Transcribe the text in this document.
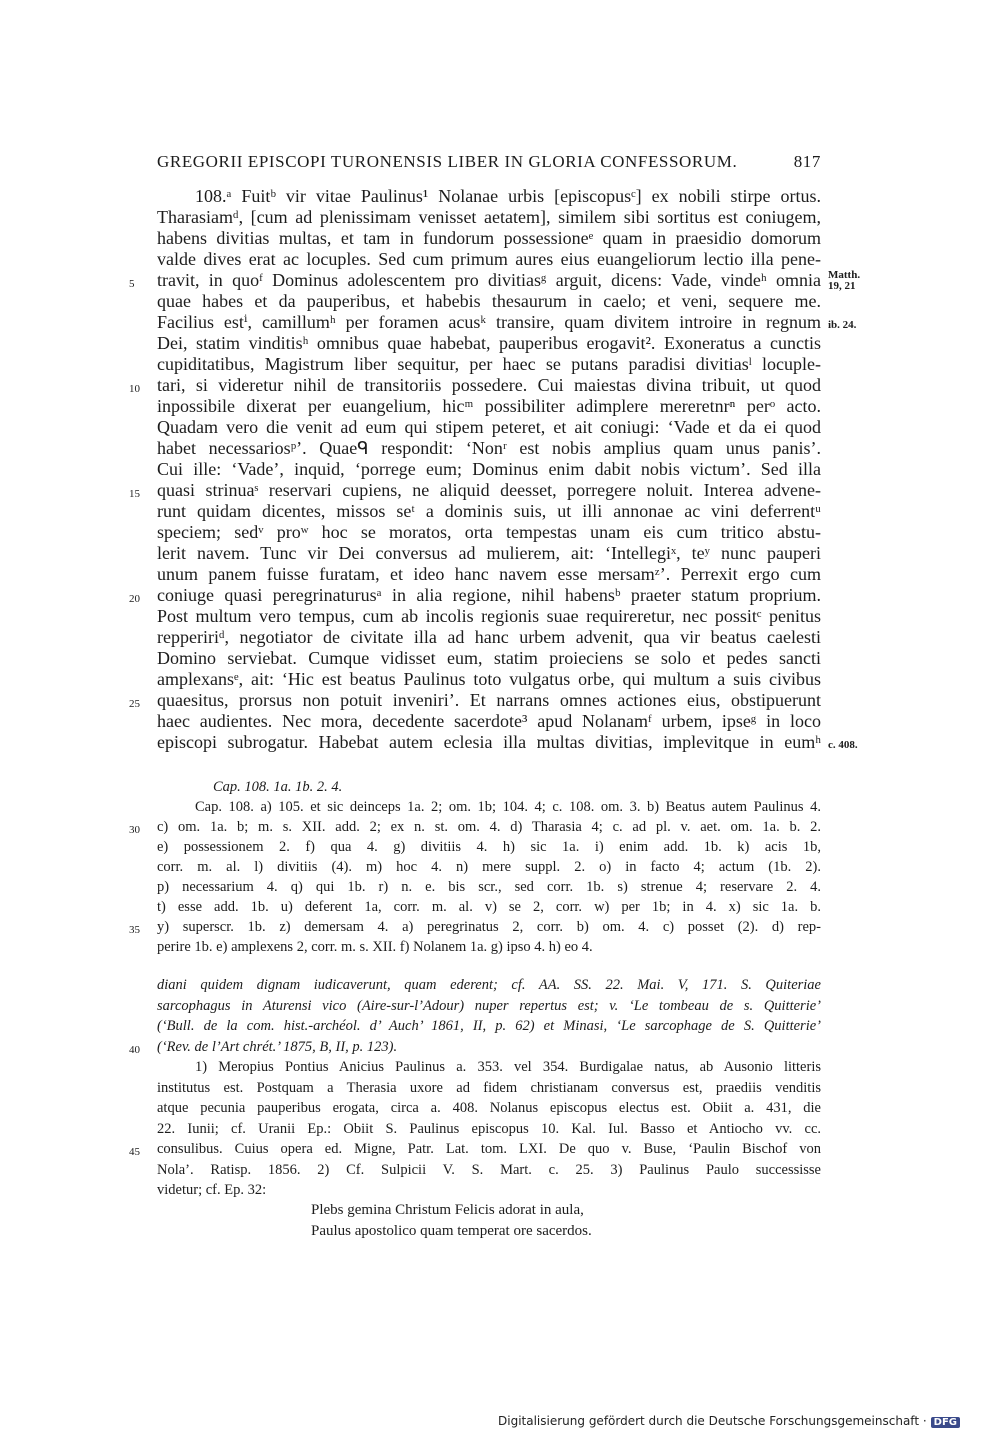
GREGORII EPISCOPI TURONENSIS LIBER IN GLORIA CONFESSORUM.	817
108.ᵃ Fuitᵇ vir vitae Paulinus¹ Nolanae urbis [episcopusᶜ] ex nobili stirpe ortus.
Tharasiamᵈ, [cum ad plenissimam venisset aetatem], similem sibi sortitus est coniugem,
habens divitias multas, et tam in fundorum possessioneᵉ quam in praesidio domorum
valde dives erat ac locuples. Sed cum primum aures eius euangeliorum lectio illa pene-
5	travit, in quoᶠ Dominus adolescentem pro divitiasᵍ arguit, dicens: Vade, vindeʰ omnia
quae habes et da pauperibus, et habebis thesaurum in caelo; et veni, sequere me.
Facilius estⁱ, camillumʰ per foramen acusᵏ transire, quam divitem introire in regnum
Dei, statim vinditisʰ omnibus quae habebat, pauperibus erogavit². Exoneratus a cunctis
cupiditatibus, Magistrum liber sequitur, per haec se putans paradisi divitiasˡ locuple-
10 tari, si videretur nihil de transitoriis possedere. Cui maiestas divina tribuit, ut quod
inpossibile dixerat per euangelium, hicᵐ possibiliter adimplere mereretnrⁿ perᵒ acto.
Quadam vero die venit ad eum qui stipem peteret, et ait coniugi: ‘Vade et da ei quod
habet necessariosᵖ’. Quaeᑫ respondit: ‘Nonʳ est nobis amplius quam unus panis’.
Cui ille: ‘Vade’, inquid, ‘porrege eum; Dominus enim dabit nobis victum’. Sed illa
15 quasi strinuaˢ reservari cupiens, ne aliquid deesset, porregere noluit. Interea advene-
runt quidam dicentes, missos seᵗ a dominis suis, ut illi annonae ac vini deferrentᵘ
speciem; sedᵛ proʷ hoc se moratos, orta tempestas unam eis cum tritico abstu-
lerit navem. Tunc vir Dei conversus ad mulierem, ait: ‘Intellegiˣ, teʸ nunc pauperi
unum panem fuisse furatam, et ideo hanc navem esse mersamᶻ’. Perrexit ergo cum
20 coniuge quasi peregrinaturusᵃ in alia regione, nihil habensᵇ praeter statum proprium.
Post multum vero tempus, cum ab incolis regionis suae requireretur, nec possitᶜ penitus
reppeririᵈ, negotiator de civitate illa ad hanc urbem advenit, qua vir beatus caelesti
Domino serviebat. Cumque vidisset eum, statim proieciens se solo et pedes sancti
amplexansᵉ, ait: ‘Hic est beatus Paulinus toto vulgatus orbe, qui multum a suis civibus
25 quaesitus, prorsus non potuit inveniri’. Et narrans omnes actiones eius, obstipuerunt
haec audientes. Nec mora, decedente sacerdote³ apud Nolanamᶠ urbem, ipseᵍ in loco
episcopi subrogatur. Habebat autem eclesia illa multas divitias, implevitque in eumʰ
Matth.
19, 21
ib. 24.
c. 408.
Cap. 108. 1a. 1b. 2. 4.
Cap. 108. a) 105. et sic deinceps 1a. 2; om. 1b; 104. 4; c. 108. om. 3. b) Beatus autem Paulinus 4.
30	c) om. 1a. b; m. s. XII. add. 2; ex n. st. om. 4. d) Tharasia 4; c. ad pl. v. aet. om. 1a. b. 2.
e) possessionem 2. f) qua 4. g) divitiis 4. h) sic 1a. i) enim add. 1b. k) acis 1b,
corr. m. al. l) divitiis (4). m) hoc 4. n) mere suppl. 2. o) in facto 4; actum (1b. 2).
p) necessarium 4. q) qui 1b. r) n. e. bis scr., sed corr. 1b. s) strenue 4; reservare 2. 4.
t) esse add. 1b. u) deferent 1a, corr. m. al. v) se 2, corr. w) per 1b; in 4. x) sic 1a. b.
35	y) superscr. 1b. z) demersam 4. a) peregrinatus 2, corr. b) om. 4. c) posset (2). d) rep-
perire 1b. e) amplexens 2, corr. m. s. XII. f) Nolanem 1a. g) ipso 4. h) eo 4.
diani quidem dignam iudicaverunt, quam ederent; cf. AA. SS. 22. Mai. V, 171. S. Quiteriae
sarcophagus in Aturensi vico (Aire-sur-l’Adour) nuper repertus est; v. ‘Le tombeau de s. Quitterie’
(‘Bull. de la com. hist.-archéol. d’ Auch’ 1861, II, p. 62) et Minasi, ‘Le sarcophage de S. Quitterie’
40	(‘Rev. de l’Art chrét.’ 1875, B, II, p. 123).
1) Meropius Pontius Anicius Paulinus a. 353. vel 354. Burdigalae natus, ab Ausonio litteris
institutus est. Postquam a Therasia uxore ad fidem christianam conversus est, praediis venditis
atque pecunia pauperibus erogata, circa a. 408. Nolanus episcopus electus est. Obiit a. 431, die
22. Iunii; cf. Uranii Ep.: Obiit S. Paulinus episcopus 10. Kal. Iul. Basso et Antiocho vv. cc.
45	consulibus. Cuius opera ed. Migne, Patr. Lat. tom. LXI. De quo v. Buse, ‘Paulin Bischof von
Nola’. Ratisp. 1856. 2) Cf. Sulpicii V. S. Mart. c. 25. 3) Paulinus Paulo successisse
videtur; cf. Ep. 32:
Plebs gemina Christum Felicis adorat in aula,
Paulus apostolico quam temperat ore sacerdos.
Digitalisierung gefördert durch die Deutsche Forschungsgemeinschaft · DFG
